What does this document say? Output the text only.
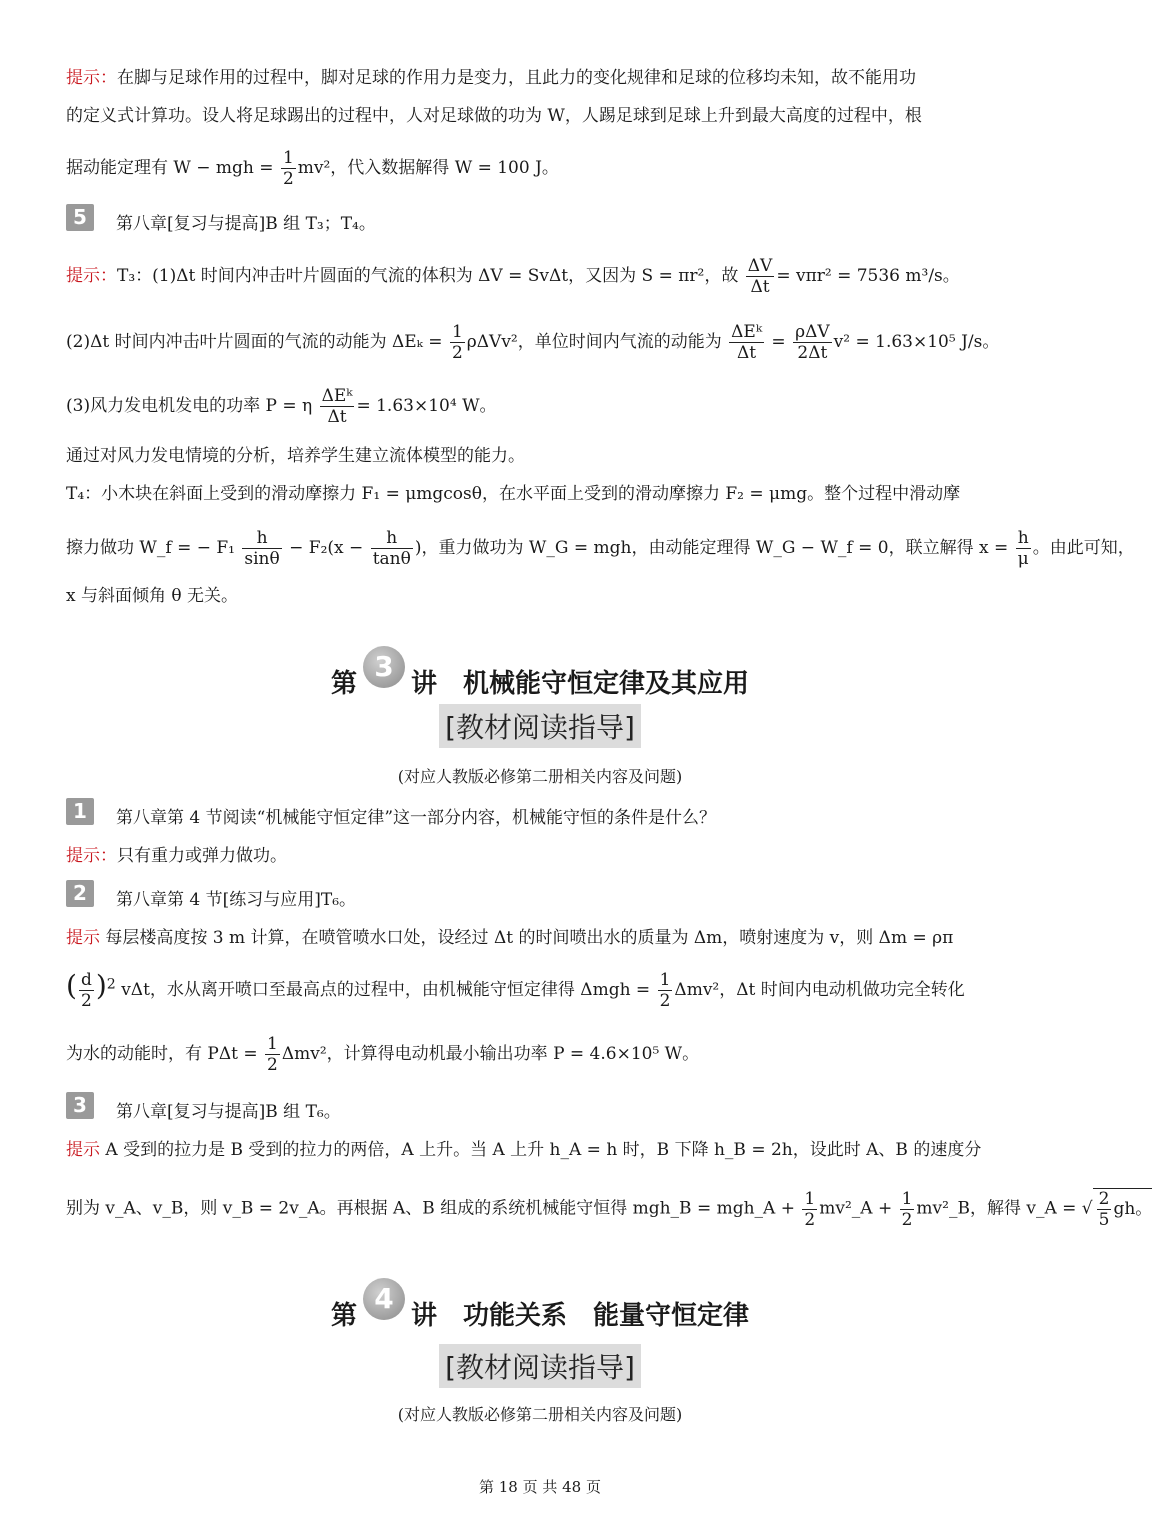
提示：在脚与足球作用的过程中，脚对足球的作用力是变力，且此力的变化规律和足球的位移均未知，故不能用功
的定义式计算功。设人将足球踢出的过程中，人对足球做的功为 W，人踢足球到足球上升到最大高度的过程中，根
据动能定理有 W − mgh = $\frac{1}{2} mv^2$，代入数据解得 W = 100 J。
5	第八章[复习与提高]B 组 T₃；T₄。
提示：T₃：(1)Δt 时间内冲击叶片圆面的气流的体积为 ΔV = SvΔt，又因为 S = πr²，故 $\frac{\Delta V}{\Delta t} = v\pi r^2 = 7536$ m³/s。
(2)Δt 时间内冲击叶片圆面的气流的动能为 $\Delta E_k = \frac{1}{2} \rho\Delta Vv^2$，单位时间内气流的动能为 $\frac{\text{ΔEᵏ}}{\Delta t} = \frac{\text{ρΔV}}{2\Delta t} v^2 = 1.63\times 10^5$ J/s。
(3)风力发电机发电的功率 P = η $\frac{\text{ΔEᵏ}}{\Delta t} = 1.63\times 10^4$ W。
通过对风力发电情境的分析，培养学生建立流体模型的能力。
T₄：小木块在斜面上受到的滑动摩擦力 F₁ = μmgcosθ，在水平面上受到的滑动摩擦力 F₂ = μmg。整个过程中滑动摩
擦力做功 W_f = − $F_1 \frac{h}{\sin\theta} - F_2(x - \frac{h}{\tan\theta}$ )，重力做功为 W_G = mgh，由动能定理得 W_G − W_f = 0，联立解得 $x = \frac{h}{\mu}$ 。由此可知，
x 与斜面倾角 θ 无关。
第
3
讲　机械能守恒定律及其应用
[教材阅读指导]
(对应人教版必修第二册相关内容及问题)
1	第八章第 4 节阅读“机械能守恒定律”这一部分内容，机械能守恒的条件是什么？
提示：只有重力或弹力做功。
2	第八章第 4 节[练习与应用]T₆。
提示 每层楼高度按 3 m 计算，在喷管喷水口处，设经过 Δt 的时间喷出水的质量为 Δm，喷射速度为 v，则 Δm = ρπ
( $\frac{d}{2} )^2$ vΔt，水从离开喷口至最高点的过程中，由机械能守恒定律得 $\Delta mgh = \frac{1}{2} \Delta mv^2$，Δt 时间内电动机做功完全转化
为水的动能时，有 $P\Delta t = \frac{1}{2} \Delta mv^2$，计算得电动机最小输出功率 P = 4.6×10⁵ W。
3	第八章[复习与提高]B 组 T₆。
提示 A 受到的拉力是 B 受到的拉力的两倍，A 上升。当 A 上升 h_A = h 时，B 下降 h_B = 2h，设此时 A、B 的速度分
别为 v_A、v_B，则 v_B = 2v_A。再根据 A、B 组成的系统机械能守恒得 mgh_B = mgh_A + $\frac{1}{2}$ mv²_A + $\frac{1}{2}$ mv²_B，解得 v_A = √ $\frac{2}{5}$ gh。
第
4
讲　功能关系　能量守恒定律
[教材阅读指导]
(对应人教版必修第二册相关内容及问题)
第 18 页 共 48 页
